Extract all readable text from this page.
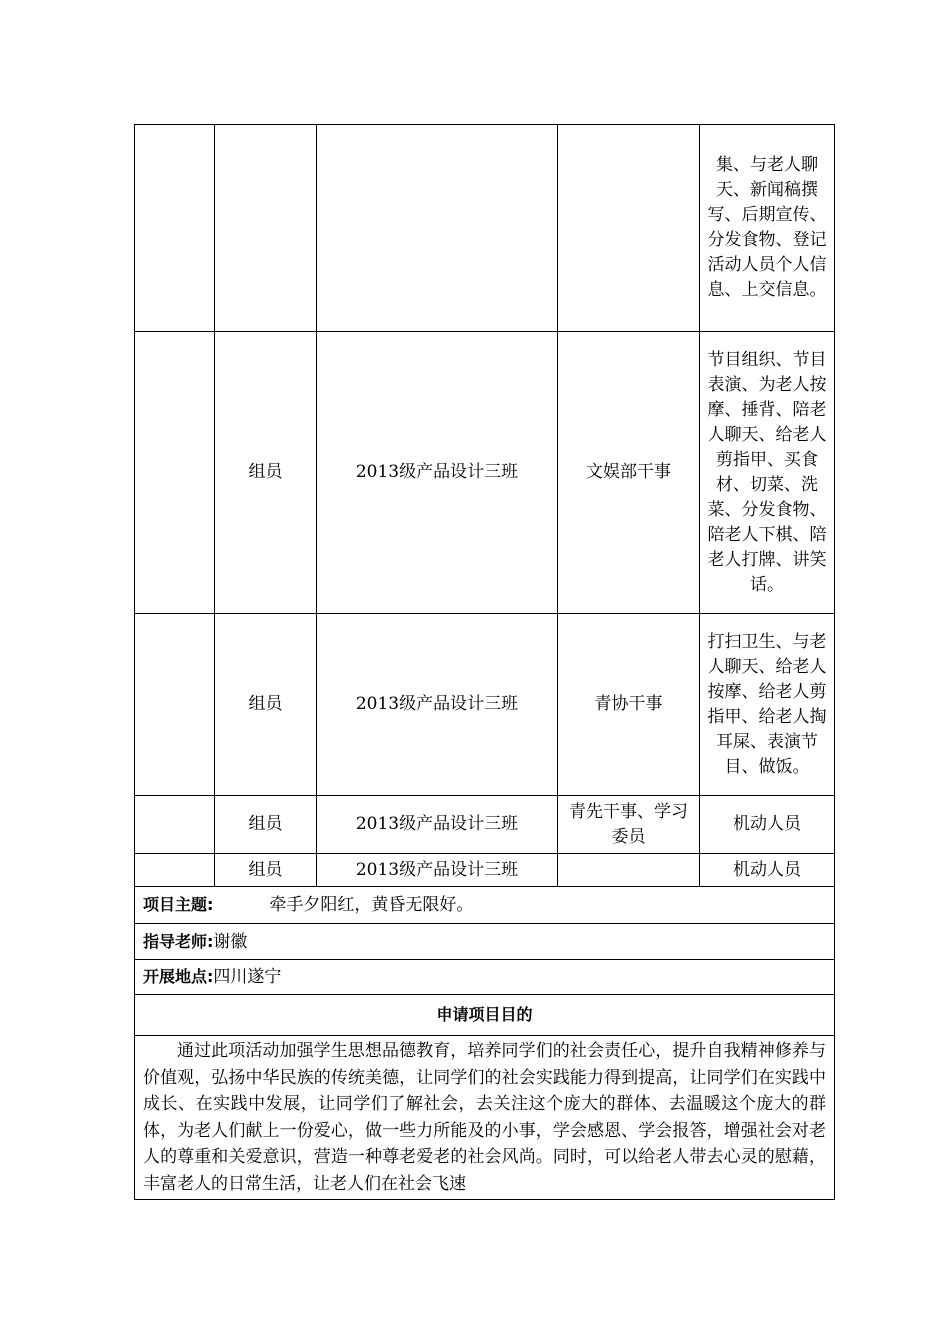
				集、与老人聊天、新闻稿撰写、后期宣传、分发食物、登记活动人员个人信息、上交信息。
	组员	2013级产品设计三班	文娱部干事	节目组织、节目表演、为老人按摩、捶背、陪老人聊天、给老人剪指甲、买食材、切菜、洗菜、分发食物、陪老人下棋、陪老人打牌、讲笑话。
	组员	2013级产品设计三班	青协干事	打扫卫生、与老人聊天、给老人按摩、给老人剪指甲、给老人掏耳屎、表演节目、做饭。
	组员	2013级产品设计三班	青先干事、学习委员	机动人员
	组员	2013级产品设计三班		机动人员
项目主题: 牵手夕阳红，黄昏无限好。				
指导老师:谢徽				
开展地点:四川遂宁				
申请项目目的				

通过此项活动加强学生思想品德教育，培养同学们的社会责任心，提升自我精神修养与价值观，弘扬中华民族的传统美德，让同学们的社会实践能力得到提高，让同学们在实践中成长、在实践中发展，让同学们了解社会，去关注这个庞大的群体、去温暖这个庞大的群体，为老人们献上一份爱心，做一些力所能及的小事，学会感恩、学会报答，增强社会对老人的尊重和关爱意识，营造一种尊老爱老的社会风尚。同时，可以给老人带去心灵的慰藉，丰富老人的日常生活，让老人们在社会飞速				
